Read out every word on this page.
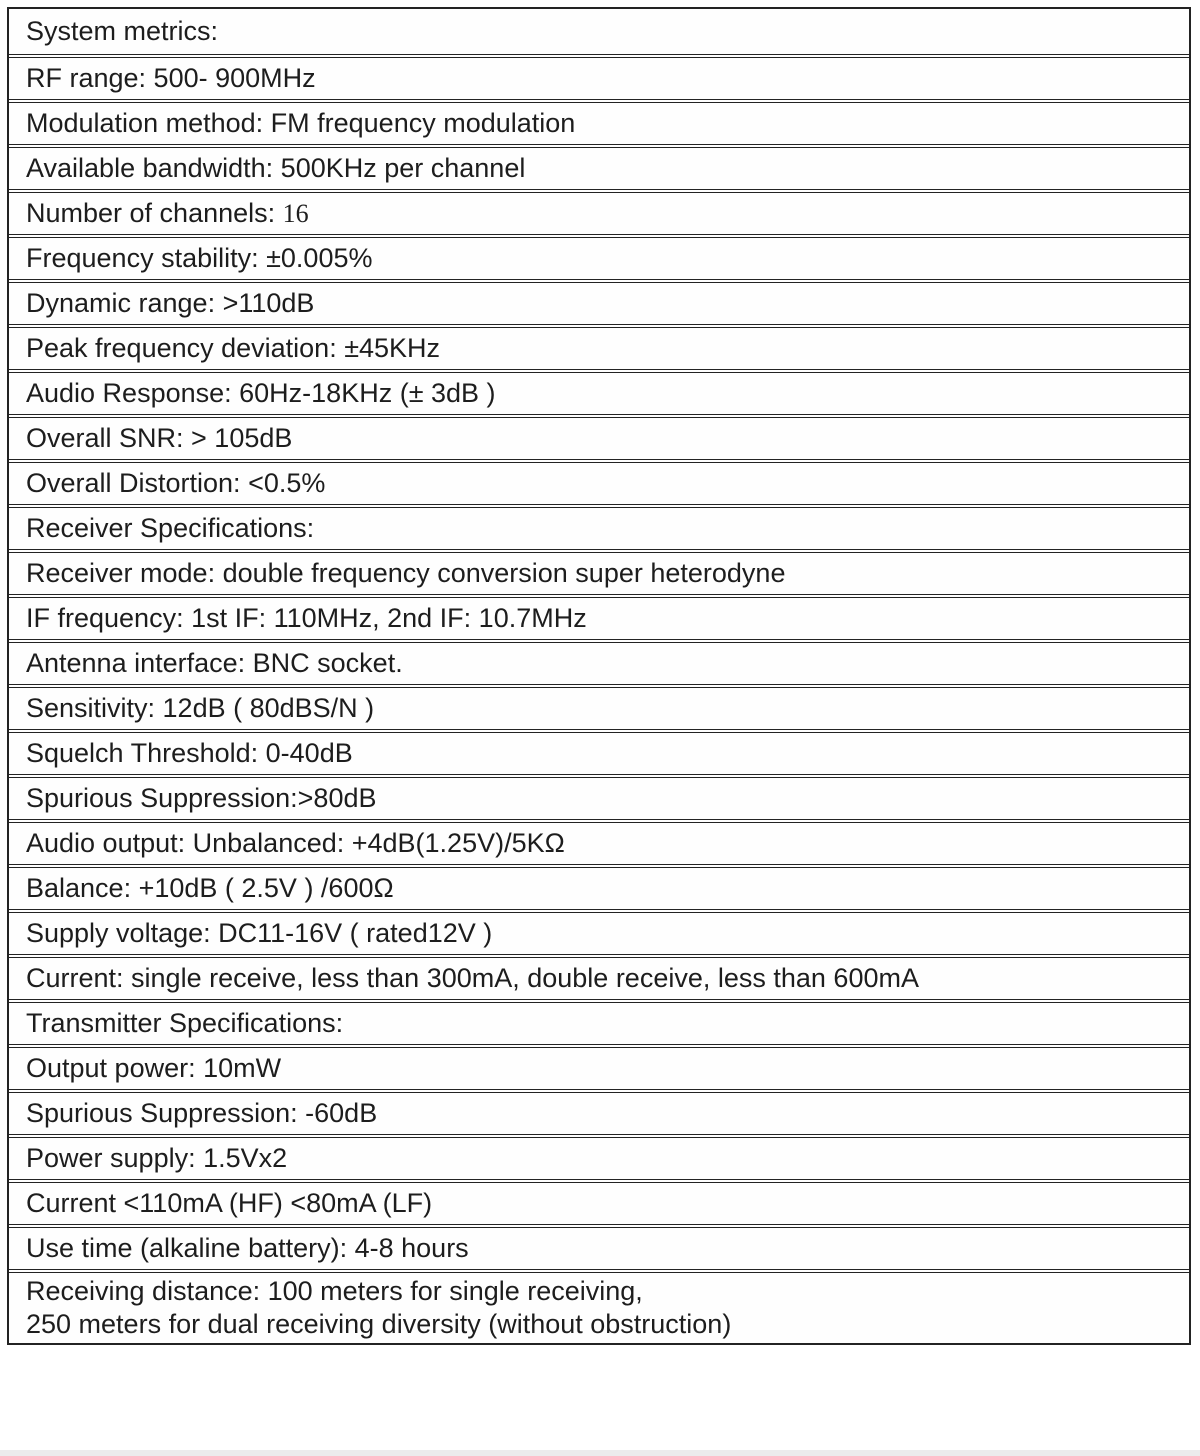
System metrics:
RF range: 500- 900MHz
Modulation method: FM frequency modulation
Available bandwidth: 500KHz per channel
Number of channels: 16
Frequency stability: ±0.005%
Dynamic range: >110dB
Peak frequency deviation: ±45KHz
Audio Response: 60Hz-18KHz (± 3dB )
Overall SNR: > 105dB
Overall Distortion: <0.5%
Receiver Specifications:
Receiver mode: double frequency conversion super heterodyne
IF frequency: 1st IF: 110MHz, 2nd IF: 10.7MHz
Antenna interface: BNC socket.
Sensitivity: 12dB ( 80dBS/N )
Squelch Threshold: 0-40dB
Spurious Suppression:>80dB
Audio output: Unbalanced: +4dB(1.25V)/5KΩ
Balance: +10dB ( 2.5V ) /600Ω
Supply voltage: DC11-16V ( rated12V )
Current: single receive, less than 300mA, double receive, less than 600mA
Transmitter Specifications:
Output power: 10mW
Spurious Suppression: -60dB
Power supply: 1.5Vx2
Current <110mA (HF) <80mA (LF)
Use time (alkaline battery): 4-8 hours
Receiving distance: 100 meters for single receiving,
250 meters for dual receiving diversity (without obstruction)
